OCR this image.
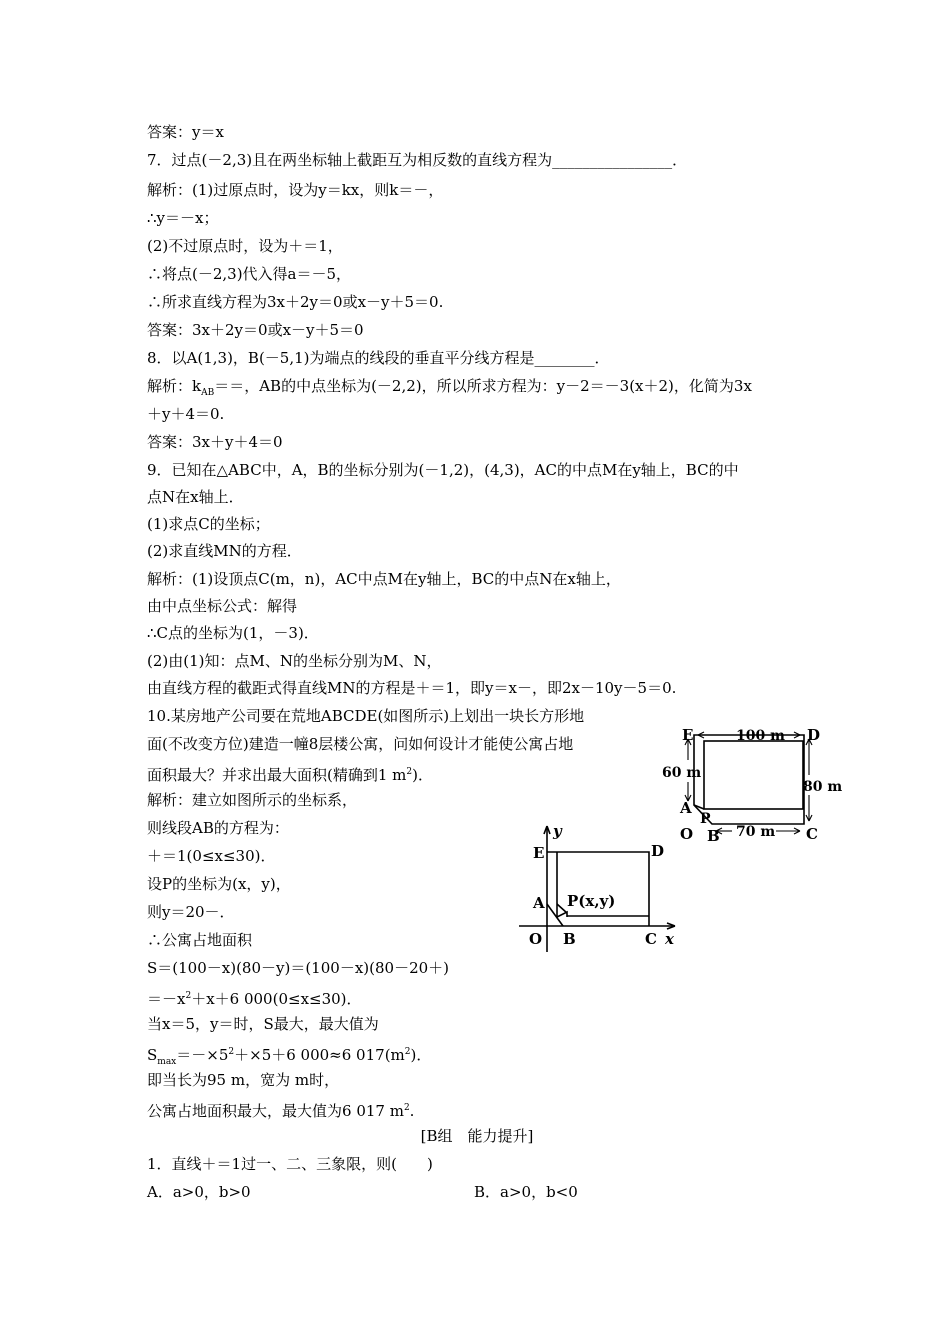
答案：y＝x

7．过点(－2,3)且在两坐标轴上截距互为相反数的直线方程为________________．

解析：(1)过原点时，设为y＝kx，则k＝－，

∴y＝－x；

(2)不过原点时，设为＋＝1，

∴将点(－2,3)代入得a＝－5，

∴所求直线方程为3x＋2y＝0或x－y＋5＝0.

答案：3x＋2y＝0或x－y＋5＝0

8．以A(1,3)，B(－5,1)为端点的线段的垂直平分线方程是________．

解析：$k_{AB}==$，AB的中点坐标为(－2,2)，所以所求方程为：y－2＝－3(x＋2)，化简为3x

＋y＋4＝0.

答案：3x＋y＋4＝0

9．已知在△ABC中，A，B的坐标分别为(－1,2)，(4,3)，AC的中点M在y轴上，BC的中

点N在x轴上．

(1)求点C的坐标；

(2)求直线MN的方程．

解析：(1)设顶点C(m，n)，AC中点M在y轴上，BC的中点N在x轴上，

由中点坐标公式：解得

∴C点的坐标为(1，－3)．

(2)由(1)知：点M、N的坐标分别为M、N，

由直线方程的截距式得直线MN的方程是＋＝1，即y＝x－，即2x－10y－5＝0.

10.某房地产公司要在荒地ABCDE(如图所示)上划出一块长方形地

面(不改变方位)建造一幢8层楼公寓，问如何设计才能使公寓占地

面积最大？并求出最大面积(精确到1 $m^2$)．

解析：建立如图所示的坐标系，

则线段AB的方程为：

＋＝1(0≤x≤30)．

设P的坐标为(x，y)，

则y＝20－．

∴公寓占地面积

S＝(100－x)(80－y)＝(100－x)(80－20＋)

$=-x^2+x+6$ 000(0≤x≤30)．

当x＝5，y＝时，S最大，最大值为

$S_{max}=-\times 5^2+\times 5+6$ 000≈6 $017(m^2)$．

即当长为95 m，宽为 m时，

公寓占地面积最大，最大值为6 017 $m^2$.

[B组　能力提升]

1．直线＋＝1过一、二、三象限，则(　　)

A．a>0，b>0	B．a>0，b<0

E	D
100 m
60 m
80 m
A
P
O B 70 m C
y
E	D
A P(x,y)
O B	C x
